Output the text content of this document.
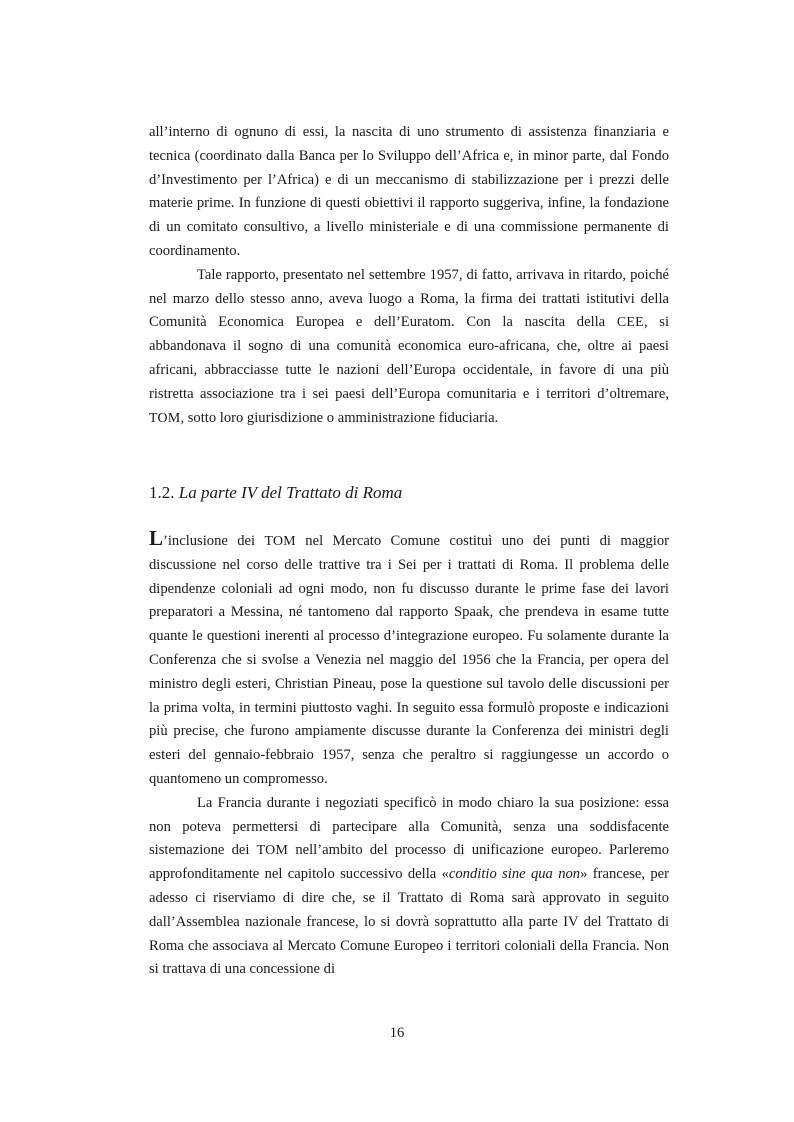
all’interno di ognuno di essi, la nascita di uno strumento di assistenza finanziaria e tecnica (coordinato dalla Banca per lo Sviluppo dell’Africa e, in minor parte, dal Fondo d’Investimento per l’Africa) e di un meccanismo di stabilizzazione per i prezzi delle materie prime. In funzione di questi obiettivi il rapporto suggeriva, infine, la fondazione di un comitato consultivo, a livello ministeriale e di una commissione permanente di coordinamento.

Tale rapporto, presentato nel settembre 1957, di fatto, arrivava in ritardo, poiché nel marzo dello stesso anno, aveva luogo a Roma, la firma dei trattati istitutivi della Comunità Economica Europea e dell’Euratom. Con la nascita della CEE, si abbandonava il sogno di una comunità economica euro-africana, che, oltre ai paesi africani, abbracciasse tutte le nazioni dell’Europa occidentale, in favore di una più ristretta associazione tra i sei paesi dell’Europa comunitaria e i territori d’oltremare, TOM, sotto loro giurisdizione o amministrazione fiduciaria.

1.2. La parte IV del Trattato di Roma

L’inclusione dei TOM nel Mercato Comune costituì uno dei punti di maggior discussione nel corso delle trattive tra i Sei per i trattati di Roma. Il problema delle dipendenze coloniali ad ogni modo, non fu discusso durante le prime fase dei lavori preparatori a Messina, né tantomeno dal rapporto Spaak, che prendeva in esame tutte quante le questioni inerenti al processo d’integrazione europeo. Fu solamente durante la Conferenza che si svolse a Venezia nel maggio del 1956 che la Francia, per opera del ministro degli esteri, Christian Pineau, pose la questione sul tavolo delle discussioni per la prima volta, in termini piuttosto vaghi. In seguito essa formulò proposte e indicazioni più precise, che furono ampiamente discusse durante la Conferenza dei ministri degli esteri del gennaio-febbraio 1957, senza che peraltro si raggiungesse un accordo o quantomeno un compromesso.

La Francia durante i negoziati specificò in modo chiaro la sua posizione: essa non poteva permettersi di partecipare alla Comunità, senza una soddisfacente sistemazione dei TOM nell’ambito del processo di unificazione europeo. Parleremo approfonditamente nel capitolo successivo della «conditio sine qua non» francese, per adesso ci riserviamo di dire che, se il Trattato di Roma sarà approvato in seguito dall’Assemblea nazionale francese, lo si dovrà soprattutto alla parte IV del Trattato di Roma che associava al Mercato Comune Europeo i territori coloniali della Francia. Non si trattava di una concessione di

16
